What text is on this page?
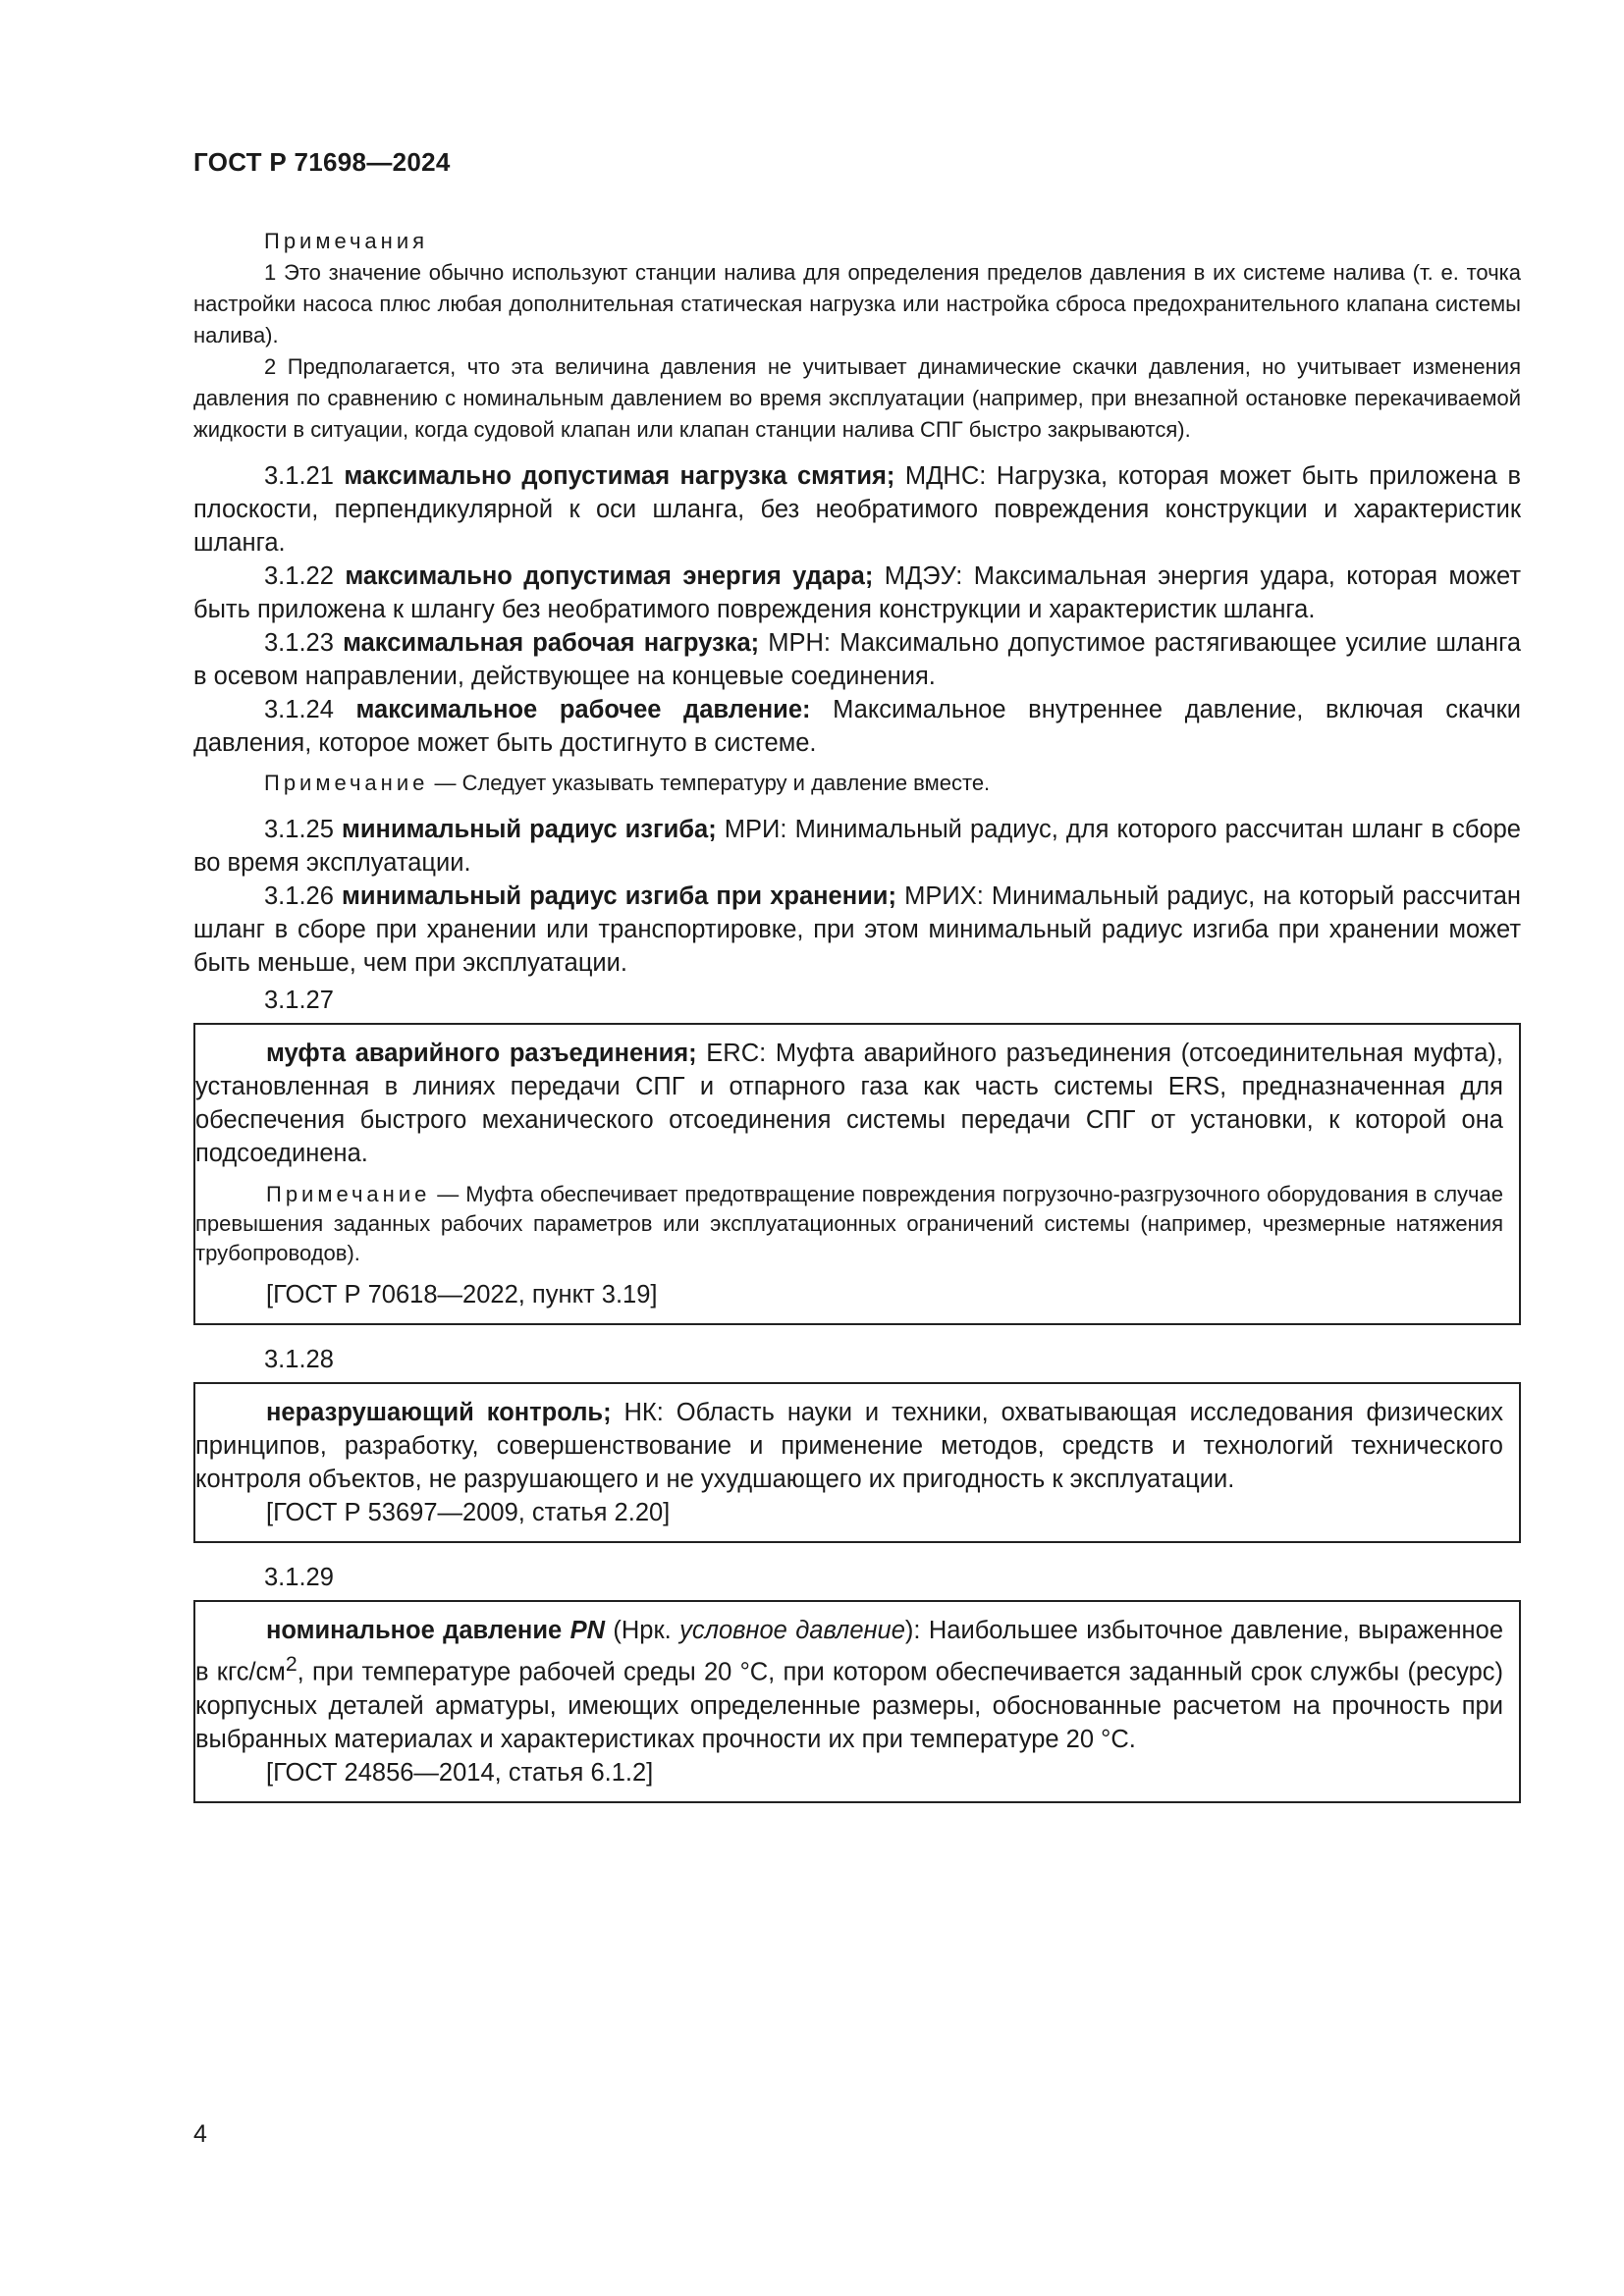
ГОСТ Р 71698—2024
Примечания
1 Это значение обычно используют станции налива для определения пределов давления в их системе налива (т. е. точка настройки насоса плюс любая дополнительная статическая нагрузка или настройка сброса предохранительного клапана системы налива).
2 Предполагается, что эта величина давления не учитывает динамические скачки давления, но учитывает изменения давления по сравнению с номинальным давлением во время эксплуатации (например, при внезапной остановке перекачиваемой жидкости в ситуации, когда судовой клапан или клапан станции налива СПГ быстро закрываются).

3.1.21 максимально допустимая нагрузка смятия; МДНС: Нагрузка, которая может быть приложена в плоскости, перпендикулярной к оси шланга, без необратимого повреждения конструкции и характеристик шланга.

3.1.22 максимально допустимая энергия удара; МДЭУ: Максимальная энергия удара, которая может быть приложена к шлангу без необратимого повреждения конструкции и характеристик шланга.

3.1.23 максимальная рабочая нагрузка; МРН: Максимально допустимое растягивающее усилие шланга в осевом направлении, действующее на концевые соединения.

3.1.24 максимальное рабочее давление: Максимальное внутреннее давление, включая скачки давления, которое может быть достигнуто в системе.

Примечание — Следует указывать температуру и давление вместе.

3.1.25 минимальный радиус изгиба; МРИ: Минимальный радиус, для которого рассчитан шланг в сборе во время эксплуатации.

3.1.26 минимальный радиус изгиба при хранении; МРИХ: Минимальный радиус, на который рассчитан шланг в сборе при хранении или транспортировке, при этом минимальный радиус изгиба при хранении может быть меньше, чем при эксплуатации.

3.1.27

муфта аварийного разъединения; ERC: Муфта аварийного разъединения (отсоединительная муфта), установленная в линиях передачи СПГ и отпарного газа как часть системы ERS, предназначенная для обеспечения быстрого механического отсоединения системы передачи СПГ от установки, к которой она подсоединена.

Примечание — Муфта обеспечивает предотвращение повреждения погрузочно-разгрузочного оборудования в случае превышения заданных рабочих параметров или эксплуатационных ограничений системы (например, чрезмерные натяжения трубопроводов).
[ГОСТ Р 70618—2022, пункт 3.19]
3.1.28

неразрушающий контроль; НК: Область науки и техники, охватывающая исследования физических принципов, разработку, совершенствование и применение методов, средств и технологий технического контроля объектов, не разрушающего и не ухудшающего их пригодность к эксплуатации.

[ГОСТ Р 53697—2009, статья 2.20]
3.1.29

номинальное давление PN (Нрк. условное давление): Наибольшее избыточное давление, выраженное в кгс/$см^2$, при температуре рабочей среды 20 °С, при котором обеспечивается заданный срок службы (ресурс) корпусных деталей арматуры, имеющих определенные размеры, обоснованные расчетом на прочность при выбранных материалах и характеристиках прочности их при температуре 20 °С.

[ГОСТ 24856—2014, статья 6.1.2]
4
